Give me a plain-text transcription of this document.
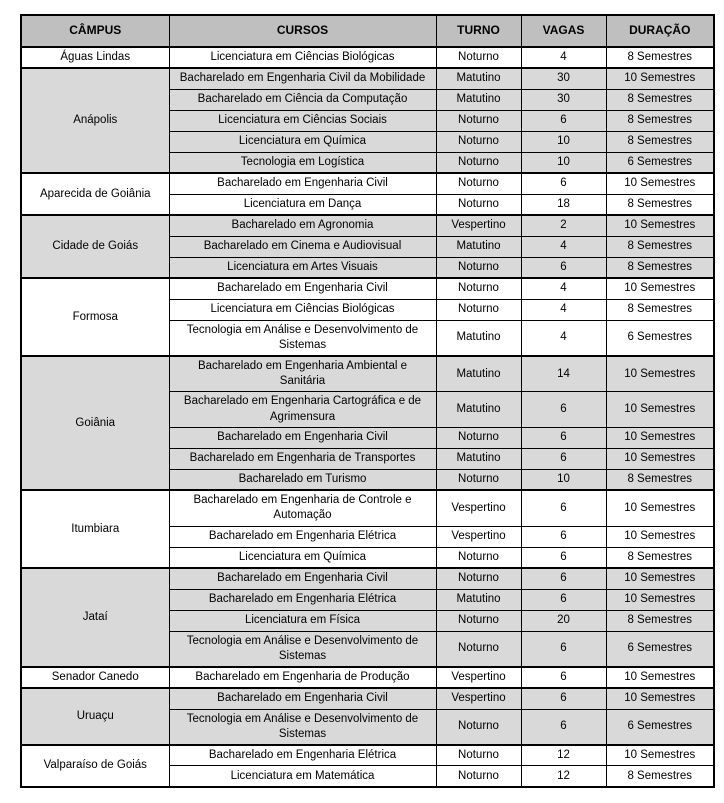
CÂMPUS	CURSOS	TURNO	VAGAS	DURAÇÃO
Águas Lindas	Licenciatura em Ciências Biológicas	Noturno	4	8 Semestres
Anápolis	Bacharelado em Engenharia Civil da Mobilidade	Matutino	30	10 Semestres
	Bacharelado em Ciência da Computação	Matutino	30	8 Semestres
	Licenciatura em Ciências Sociais	Noturno	6	8 Semestres
	Licenciatura em Química	Noturno	10	8 Semestres
	Tecnologia em Logística	Noturno	10	6 Semestres
Aparecida de Goiânia	Bacharelado em Engenharia Civil	Noturno	6	10 Semestres
	Licenciatura em Dança	Noturno	18	8 Semestres
Cidade de Goiás	Bacharelado em Agronomia	Vespertino	2	10 Semestres
	Bacharelado em Cinema e Audiovisual	Matutino	4	8 Semestres
	Licenciatura em Artes Visuais	Noturno	6	8 Semestres
Formosa	Bacharelado em Engenharia Civil	Noturno	4	10 Semestres
	Licenciatura em Ciências Biológicas	Noturno	4	8 Semestres
	Tecnologia em Análise e Desenvolvimento de Sistemas	Matutino	4	6 Semestres
Goiânia	Bacharelado em Engenharia Ambiental e Sanitária	Matutino	14	10 Semestres
	Bacharelado em Engenharia Cartográfica e de Agrimensura	Matutino	6	10 Semestres
	Bacharelado em Engenharia Civil	Noturno	6	10 Semestres
	Bacharelado em Engenharia de Transportes	Matutino	6	10 Semestres
	Bacharelado em Turismo	Noturno	10	8 Semestres
Itumbiara	Bacharelado em Engenharia de Controle e Automação	Vespertino	6	10 Semestres
	Bacharelado em Engenharia Elétrica	Vespertino	6	10 Semestres
	Licenciatura em Química	Noturno	6	8 Semestres
Jataí	Bacharelado em Engenharia Civil	Noturno	6	10 Semestres
	Bacharelado em Engenharia Elétrica	Matutino	6	10 Semestres
	Licenciatura em Física	Noturno	20	8 Semestres
	Tecnologia em Análise e Desenvolvimento de Sistemas	Noturno	6	6 Semestres
Senador Canedo	Bacharelado em Engenharia de Produção	Vespertino	6	10 Semestres
Uruaçu	Bacharelado em Engenharia Civil	Vespertino	6	10 Semestres
	Tecnologia em Análise e Desenvolvimento de Sistemas	Noturno	6	6 Semestres
Valparaíso de Goiás	Bacharelado em Engenharia Elétrica	Noturno	12	10 Semestres
	Licenciatura em Matemática	Noturno	12	8 Semestres
